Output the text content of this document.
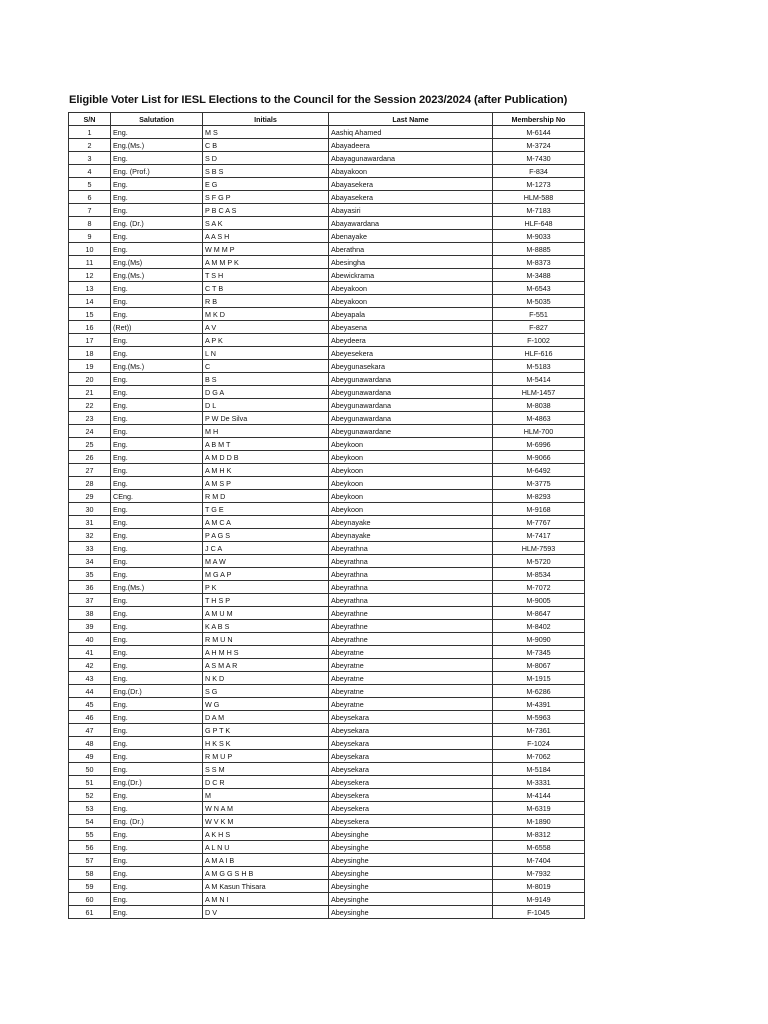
Eligible Voter List for IESL Elections to the Council for the Session 2023/2024 (after Publication)
S/N	Salutation	Initials	Last Name	Membership No
1	Eng.	M S	Aashiq Ahamed	M-6144
2	Eng.(Ms.)	C B	Abayadeera	M-3724
3	Eng.	S D	Abayagunawardana	M-7430
4	Eng. (Prof.)	S B S	Abayakoon	F-834
5	Eng.	E G	Abayasekera	M-1273
6	Eng.	S F G P	Abayasekera	HLM-588
7	Eng.	P B C A S	Abayasiri	M-7183
8	Eng. (Dr.)	S A K	Abayawardana	HLF-648
9	Eng.	A A S H	Abenayake	M-9033
10	Eng.	W M M P	Aberathna	M-8885
11	Eng.(Ms)	A M M P K	Abesingha	M-8373
12	Eng.(Ms.)	T S H	Abewickrama	M-3488
13	Eng.	C T B	Abeyakoon	M-6543
14	Eng.	R B	Abeyakoon	M-5035
15	Eng.	M K D	Abeyapala	F-551
16	(Ret))	A V	Abeyasena	F-827
17	Eng.	A P K	Abeydeera	F-1002
18	Eng.	L N	Abeyesekera	HLF-616
19	Eng.(Ms.)	C	Abeygunasekara	M-5183
20	Eng.	B S	Abeygunawardana	M-5414
21	Eng.	D G A	Abeygunawardana	HLM-1457
22	Eng.	D L	Abeygunawardana	M-8038
23	Eng.	P W De Silva	Abeygunawardana	M-4863
24	Eng.	M H	Abeygunawardane	HLM-700
25	Eng.	A B M T	Abeykoon	M-6996
26	Eng.	A M D D B	Abeykoon	M-9066
27	Eng.	A M H K	Abeykoon	M-6492
28	Eng.	A M S P	Abeykoon	M-3775
29	CEng.	R M D	Abeykoon	M-8293
30	Eng.	T G E	Abeykoon	M-9168
31	Eng.	A M C A	Abeynayake	M-7767
32	Eng.	P A G S	Abeynayake	M-7417
33	Eng.	J C A	Abeyrathna	HLM-7593
34	Eng.	M A W	Abeyrathna	M-5720
35	Eng.	M G A P	Abeyrathna	M-8534
36	Eng.(Ms.)	P K	Abeyrathna	M-7072
37	Eng.	T H S P	Abeyrathna	M-9005
38	Eng.	A M U M	Abeyrathne	M-8647
39	Eng.	K A B S	Abeyrathne	M-8402
40	Eng.	R M U N	Abeyrathne	M-9090
41	Eng.	A H M H S	Abeyratne	M-7345
42	Eng.	A S M A R	Abeyratne	M-8067
43	Eng.	N K D	Abeyratne	M-1915
44	Eng.(Dr.)	S G	Abeyratne	M-6286
45	Eng.	W G	Abeyratne	M-4391
46	Eng.	D A M	Abeysekara	M-5963
47	Eng.	G P T K	Abeysekara	M-7361
48	Eng.	H K S K	Abeysekara	F-1024
49	Eng.	R M U P	Abeysekara	M-7062
50	Eng.	S S M	Abeysekara	M-5184
51	Eng.(Dr.)	D C R	Abeysekera	M-3331
52	Eng.	M	Abeysekera	M-4144
53	Eng.	W N A M	Abeysekera	M-6319
54	Eng. (Dr.)	W V K M	Abeysekera	M-1890
55	Eng.	A K H S	Abeysinghe	M-8312
56	Eng.	A L N U	Abeysinghe	M-6558
57	Eng.	A M A I B	Abeysinghe	M-7404
58	Eng.	A M G G S H B	Abeysinghe	M-7932
59	Eng.	A M Kasun Thisara	Abeysinghe	M-8019
60	Eng.	A M N I	Abeysinghe	M-9149
61	Eng.	D V	Abeysinghe	F-1045
